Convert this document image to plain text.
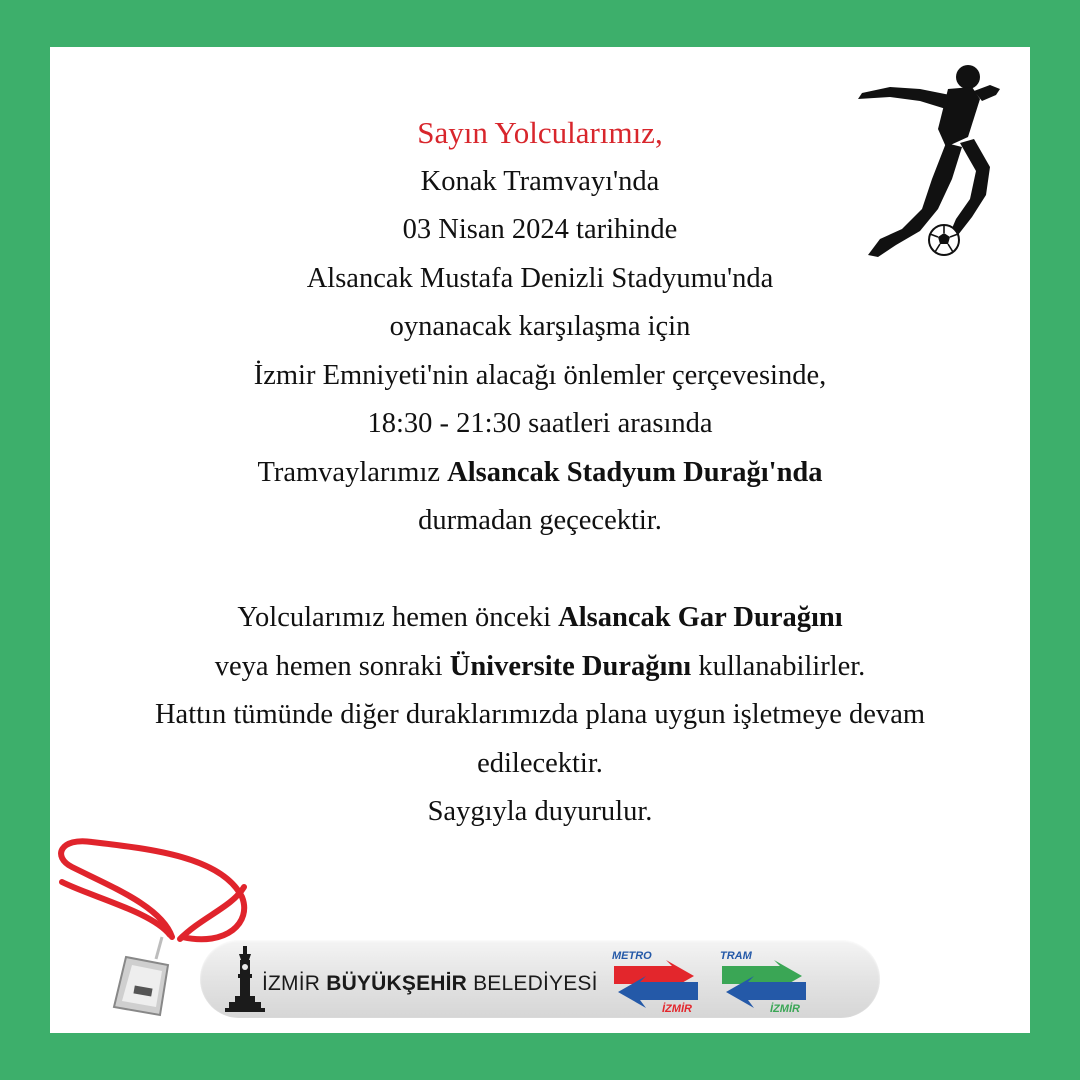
Sayın Yolcularımız,
Konak Tramvayı'nda
03 Nisan 2024 tarihinde
Alsancak Mustafa Denizli Stadyumu'nda
oynanacak karşılaşma için
İzmir Emniyeti'nin alacağı önlemler çerçevesinde,
18:30 - 21:30 saatleri arasında
Tramvaylarımız Alsancak Stadyum Durağı'nda
durmadan geçecektir.
Yolcularımız hemen önceki Alsancak Gar Durağını
veya hemen sonraki Üniversite Durağını kullanabilirler.
Hattın tümünde diğer duraklarımızda plana uygun işletmeye devam
edilecektir.
Saygıyla duyurulur.
İZMİR BÜYÜKŞEHİR BELEDİYESİ
METRO
İZMİR
TRAM
İZMİR
